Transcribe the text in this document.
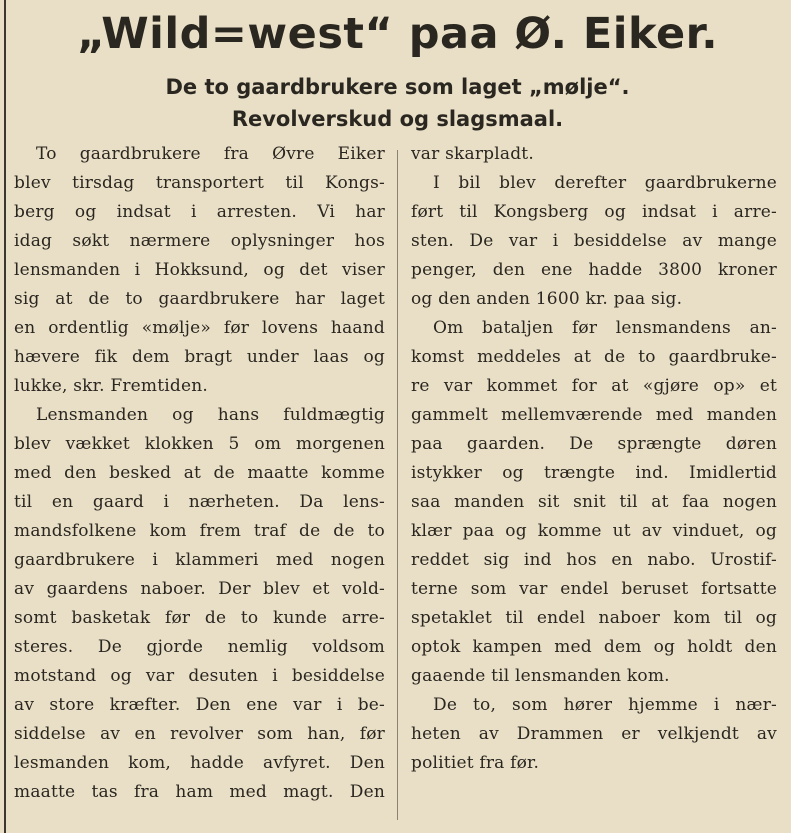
„Wild=west“ paa Ø. Eiker.
De to gaardbrukere som laget „mølje“.
Revolverskud og slagsmaal.
To gaardbrukere fra Øvre Eiker
blev tirsdag transportert til Kongs-
berg og indsat i arresten. Vi har
idag søkt nærmere oplysninger hos
lensmanden i Hokksund, og det viser
sig at de to gaardbrukere har laget
en ordentlig «mølje» før lovens haand
hævere fik dem bragt under laas og
lukke, skr. Fremtiden.
Lensmanden og hans fuldmægtig
blev vækket klokken 5 om morgenen
med den besked at de maatte komme
til en gaard i nærheten. Da lens-
mandsfolkene kom frem traf de de to
gaardbrukere i klammeri med nogen
av gaardens naboer. Der blev et vold-
somt basketak før de to kunde arre-
steres. De gjorde nemlig voldsom
motstand og var desuten i besiddelse
av store kræfter. Den ene var i be-
siddelse av en revolver som han, før
lesmanden kom, hadde avfyret. Den
maatte tas fra ham med magt. Den
var skarpladt.
I bil blev derefter gaardbrukerne
ført til Kongsberg og indsat i arre-
sten. De var i besiddelse av mange
penger, den ene hadde 3800 kroner
og den anden 1600 kr. paa sig.
Om bataljen før lensmandens an-
komst meddeles at de to gaardbruke-
re var kommet for at «gjøre op» et
gammelt mellemværende med manden
paa gaarden. De sprængte døren
istykker og trængte ind. Imidlertid
saa manden sit snit til at faa nogen
klær paa og komme ut av vinduet, og
reddet sig ind hos en nabo. Urostif-
terne som var endel beruset fortsatte
spetaklet til endel naboer kom til og
optok kampen med dem og holdt den
gaaende til lensmanden kom.
De to, som hører hjemme i nær-
heten av Drammen er velkjendt av
politiet fra før.
